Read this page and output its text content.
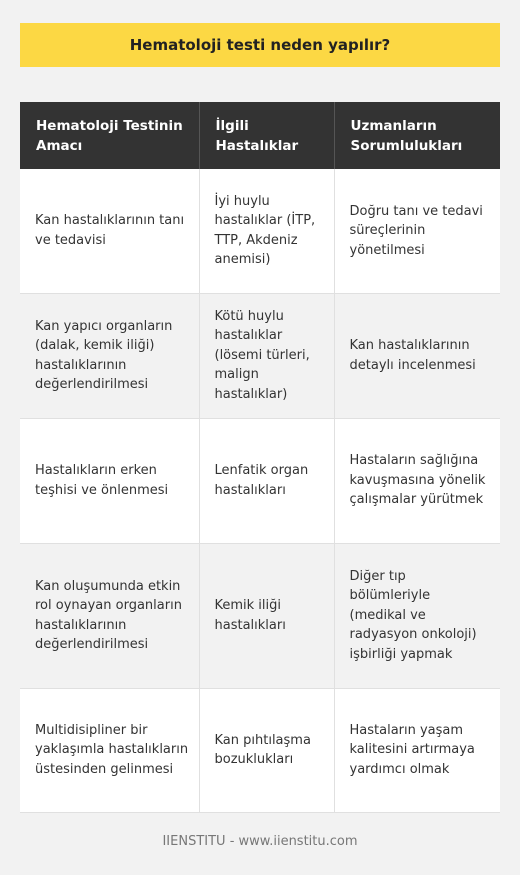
Hematoloji testi neden yapılır?
Hematoloji Testinin Amacı	İlgili Hastalıklar	Uzmanların Sorumlulukları
Kan hastalıklarının tanı ve tedavisi	İyi huylu hastalıklar (İTP, TTP, Akdeniz anemisi)	Doğru tanı ve tedavi süreçlerinin yönetilmesi
Kan yapıcı organların (dalak, kemik iliği) hastalıklarının değerlendirilmesi	Kötü huylu hastalıklar (lösemi türleri, malign hastalıklar)	Kan hastalıklarının detaylı incelenmesi
Hastalıkların erken teşhisi ve önlenmesi	Lenfatik organ hastalıkları	Hastaların sağlığına kavuşmasına yönelik çalışmalar yürütmek
Kan oluşumunda etkin rol oynayan organların hastalıklarının değerlendirilmesi	Kemik iliği hastalıkları	Diğer tıp bölümleriyle (medikal ve radyasyon onkoloji) işbirliği yapmak
Multidisipliner bir yaklaşımla hastalıkların üstesinden gelinmesi	Kan pıhtılaşma bozuklukları	Hastaların yaşam kalitesini artırmaya yardımcı olmak
IIENSTITU - www.iienstitu.com
